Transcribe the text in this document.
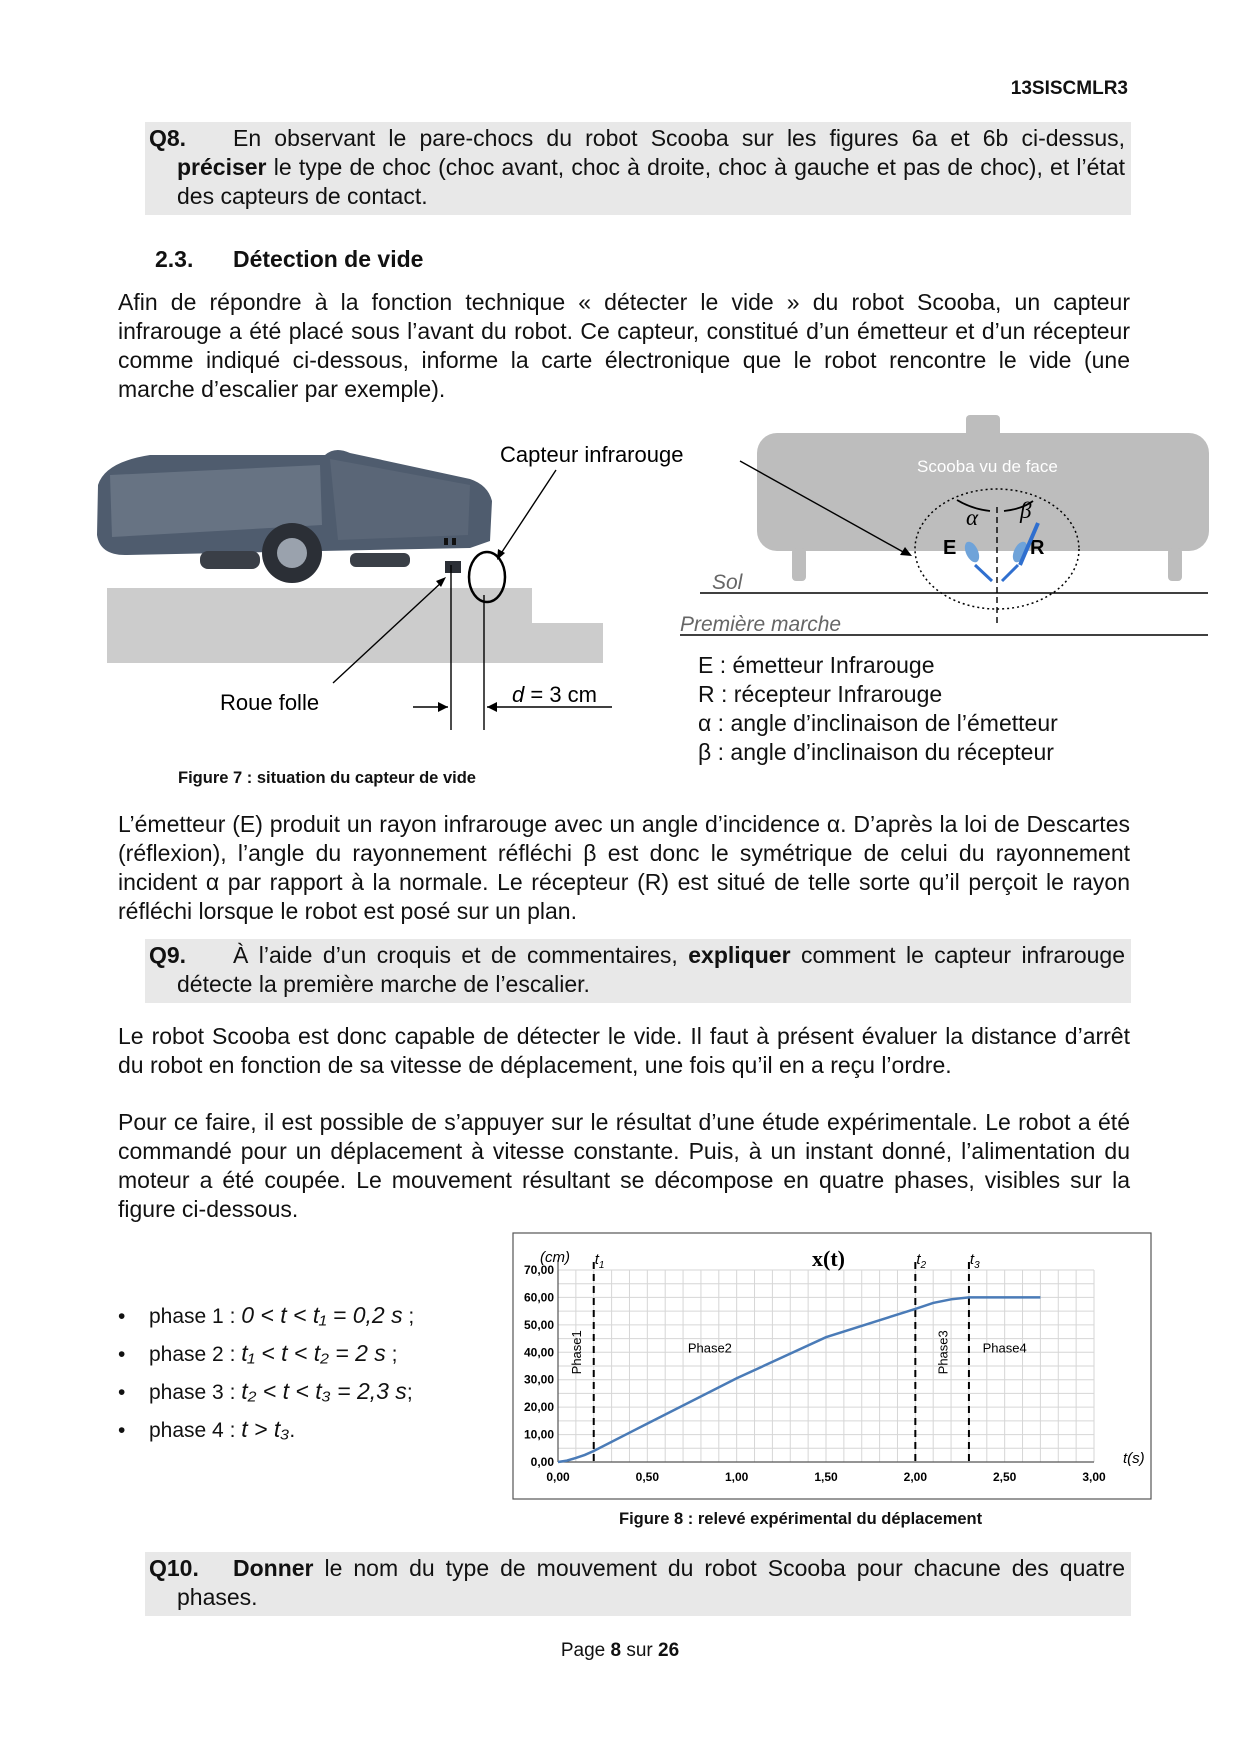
13SISCMLR3

Q8. En observant le pare-chocs du robot Scooba sur les figures 6a et 6b ci-dessus, préciser le type de choc (choc avant, choc à droite, choc à gauche et pas de choc), et l’état des capteurs de contact.

2.3. Détection de vide

Afin de répondre à la fonction technique « détecter le vide » du robot Scooba, un capteur infrarouge a été placé sous l’avant du robot. Ce capteur, constitué d’un émetteur et d’un récepteur comme indiqué ci-dessous, informe la carte électronique que le robot rencontre le vide (une marche d’escalier par exemple).

Capteur infrarouge
Roue folle	d = 3 cm
Scooba vu de face
α β
E	R
Sol
Première marche
E : émetteur Infrarouge
R : récepteur Infrarouge
α : angle d’inclinaison de l’émetteur
β : angle d’inclinaison du récepteur
Figure 7 : situation du capteur de vide

L’émetteur (E) produit un rayon infrarouge avec un angle d’incidence α. D’après la loi de Descartes (réflexion), l’angle du rayonnement réfléchi β est donc le symétrique de celui du rayonnement incident α par rapport à la normale. Le récepteur (R) est situé de telle sorte qu’il perçoit le rayon réfléchi lorsque le robot est posé sur un plan.

Q9. À l’aide d’un croquis et de commentaires, expliquer comment le capteur infrarouge détecte la première marche de l’escalier.

Le robot Scooba est donc capable de détecter le vide. Il faut à présent évaluer la distance d’arrêt du robot en fonction de sa vitesse de déplacement, une fois qu’il en a reçu l’ordre.

Pour ce faire, il est possible de s’appuyer sur le résultat d’une étude expérimentale. Le robot a été commandé pour un déplacement à vitesse constante. Puis, à un instant donné, l’alimentation du moteur a été coupée. Le mouvement résultant se décompose en quatre phases, visibles sur la figure ci-dessous.

• phase 1 : 0 < t < t₁ = 0,2 s ;
• phase 2 : t₁ < t < t₂ = 2 s ;
• phase 3 : t₂ < t < t₃ = 2,3 s;
• phase 4 : t > t₃.
0,00	0,50	1,00	1,50	2,00	2,50	3,00
0,00
10,00
20,00
30,00
40,00
50,00
60,00
70,00
$t_1$	$t_2$	$t_3$
x(t)
(cm)
t(s)
Phase1	Phase2	Phase3 Phase4
Figure 8 : relevé expérimental du déplacement

Q10. Donner le nom du type de mouvement du robot Scooba pour chacune des quatre phases.

Page 8 sur 26
